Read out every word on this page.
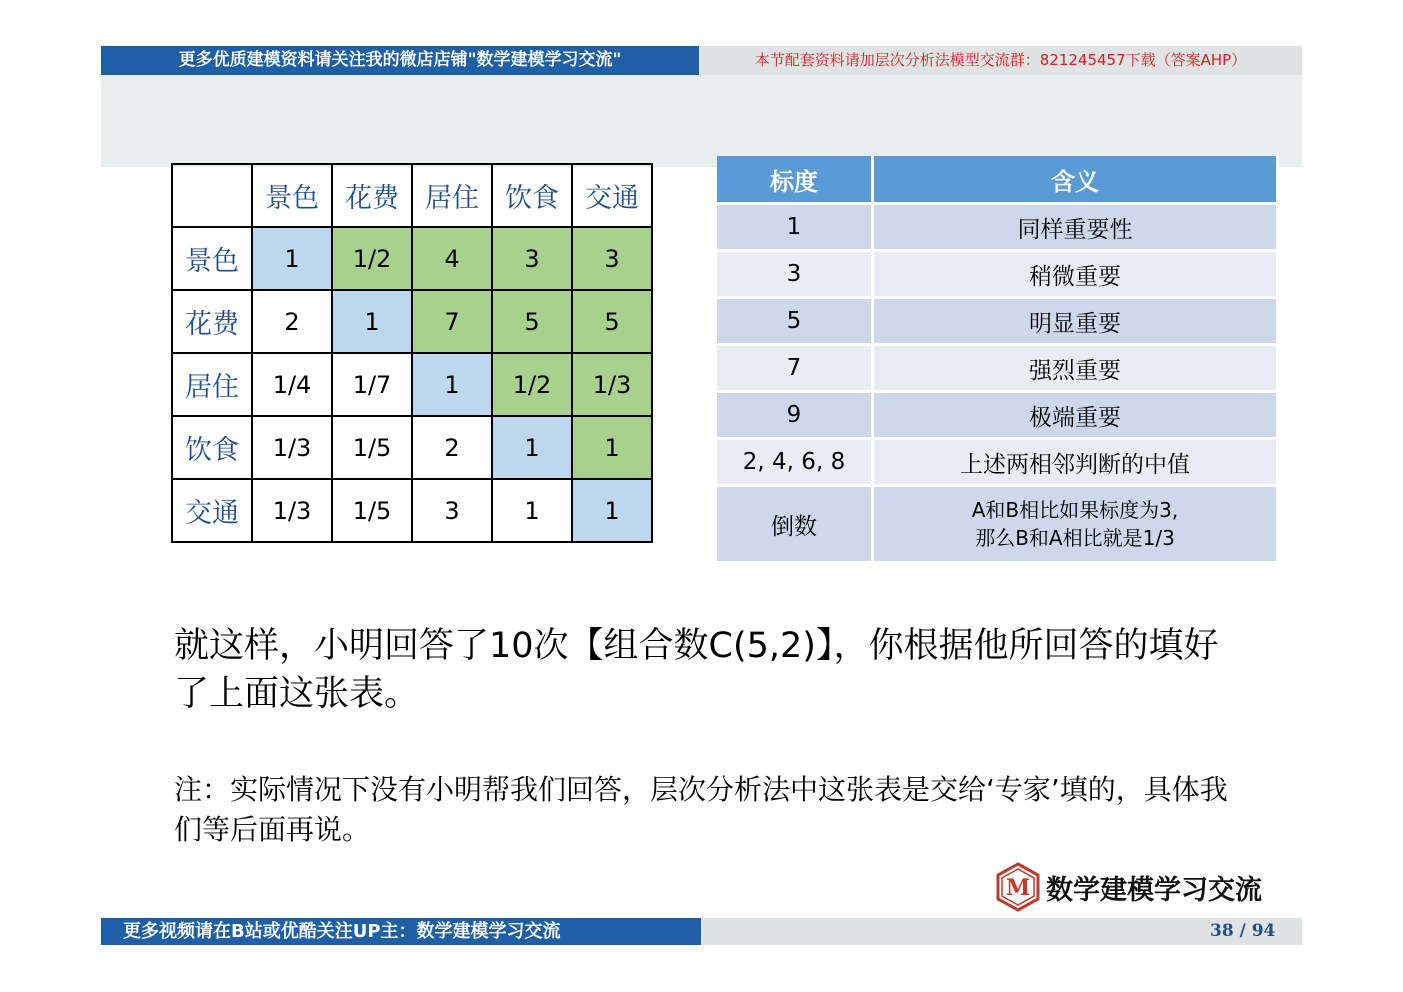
更多优质建模资料请关注我的微店店铺"数学建模学习交流"	本节配套资料请加层次分析法模型交流群：821245457下载（答案AHP）
	景色	花费	居住	饮食	交通
景色	1	1/2	4	3	3
花费	2	1	7	5	5
居住	1/4	1/7	1	1/2	1/3
饮食	1/3	1/5	2	1	1
交通	1/3	1/5	3	1	1
标度	含义
1	同样重要性
3	稍微重要
5	明显重要
7	强烈重要
9	极端重要
2, 4, 6, 8	上述两相邻判断的中值
倒数	A和B相比如果标度为3,
那么B和A相比就是1/3
就这样，小明回答了10次【组合数C(5,2)】，你根据他所回答的填好了上面这张表。
注：实际情况下没有小明帮我们回答，层次分析法中这张表是交给‘专家’填的，具体我们等后面再说。
M 数学建模学习交流
更多视频请在B站或优酷关注UP主：数学建模学习交流	38 / 94
